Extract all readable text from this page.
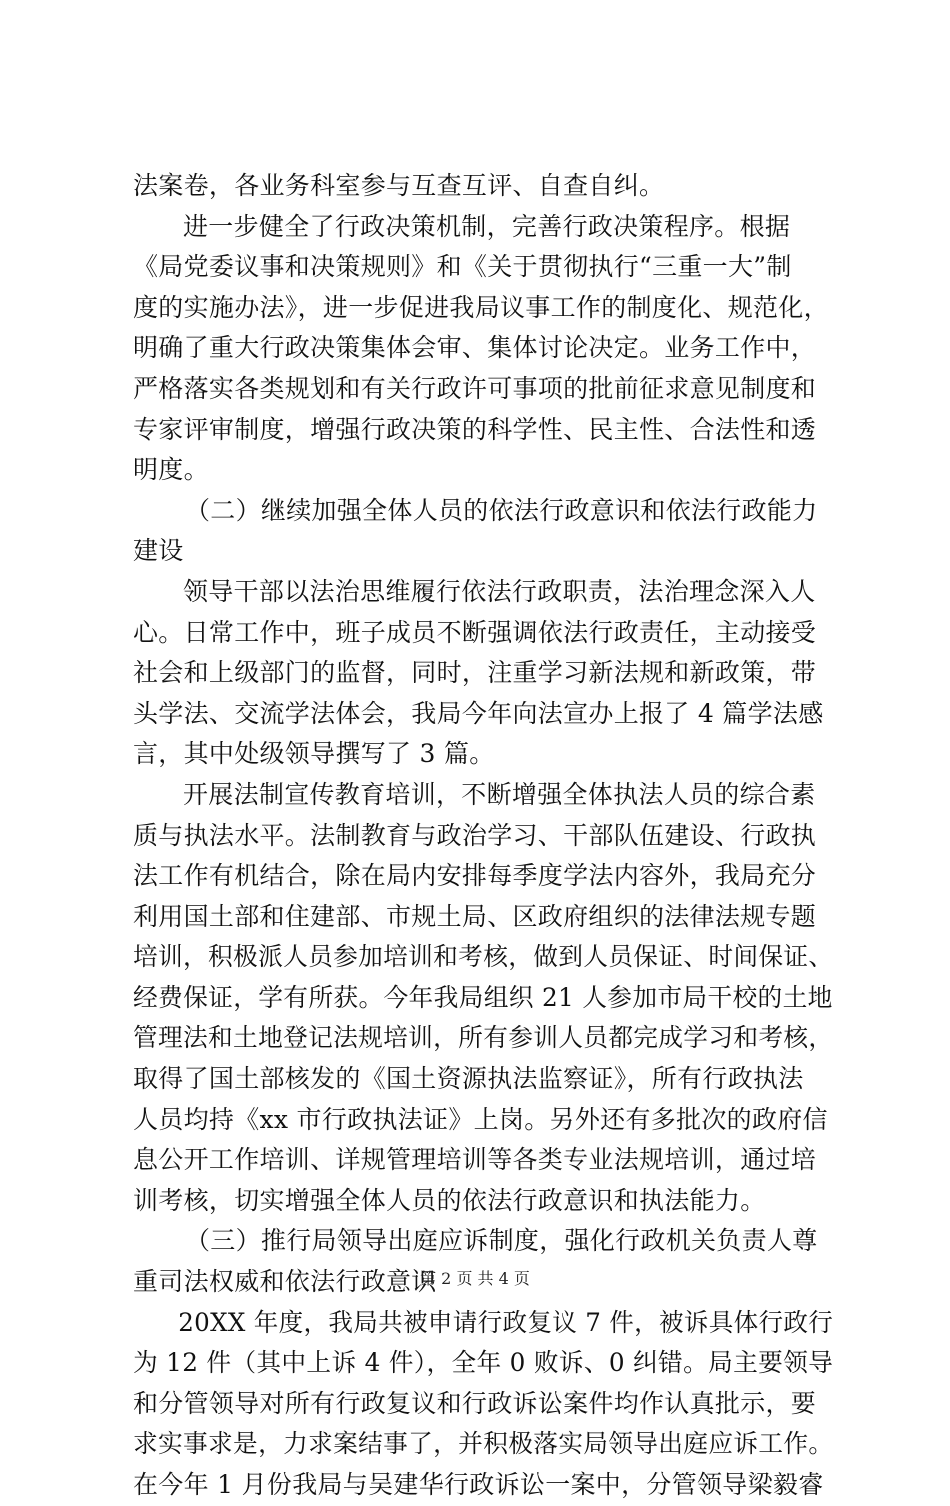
法案卷，各业务科室参与互查互评、自查自纠。
进一步健全了行政决策机制，完善行政决策程序。根据
《局党委议事和决策规则》和《关于贯彻执行“三重一大”制
度的实施办法》，进一步促进我局议事工作的制度化、规范化，
明确了重大行政决策集体会审、集体讨论决定。业务工作中，
严格落实各类规划和有关行政许可事项的批前征求意见制度和
专家评审制度，增强行政决策的科学性、民主性、合法性和透
明度。
（二）继续加强全体人员的依法行政意识和依法行政能力
建设
领导干部以法治思维履行依法行政职责，法治理念深入人
心。日常工作中，班子成员不断强调依法行政责任，主动接受
社会和上级部门的监督，同时，注重学习新法规和新政策，带
头学法、交流学法体会，我局今年向法宣办上报了 4 篇学法感
言，其中处级领导撰写了 3 篇。
开展法制宣传教育培训，不断增强全体执法人员的综合素
质与执法水平。法制教育与政治学习、干部队伍建设、行政执
法工作有机结合，除在局内安排每季度学法内容外，我局充分
利用国土部和住建部、市规土局、区政府组织的法律法规专题
培训，积极派人员参加培训和考核，做到人员保证、时间保证、
经费保证，学有所获。今年我局组织 21 人参加市局干校的土地
管理法和土地登记法规培训，所有参训人员都完成学习和考核，
取得了国土部核发的《国土资源执法监察证》，所有行政执法
人员均持《xx 市行政执法证》上岗。另外还有多批次的政府信
息公开工作培训、详规管理培训等各类专业法规培训，通过培
训考核，切实增强全体人员的依法行政意识和执法能力。
（三）推行局领导出庭应诉制度，强化行政机关负责人尊
重司法权威和依法行政意识
20XX 年度，我局共被申请行政复议 7 件，被诉具体行政行
为 12 件（其中上诉 4 件），全年 0 败诉、0 纠错。局主要领导
和分管领导对所有行政复议和行政诉讼案件均作认真批示，要
求实事求是，力求案结事了，并积极落实局领导出庭应诉工作。
在今年 1 月份我局与吴建华行政诉讼一案中，分管领导梁毅睿
第 2 页 共 4 页
